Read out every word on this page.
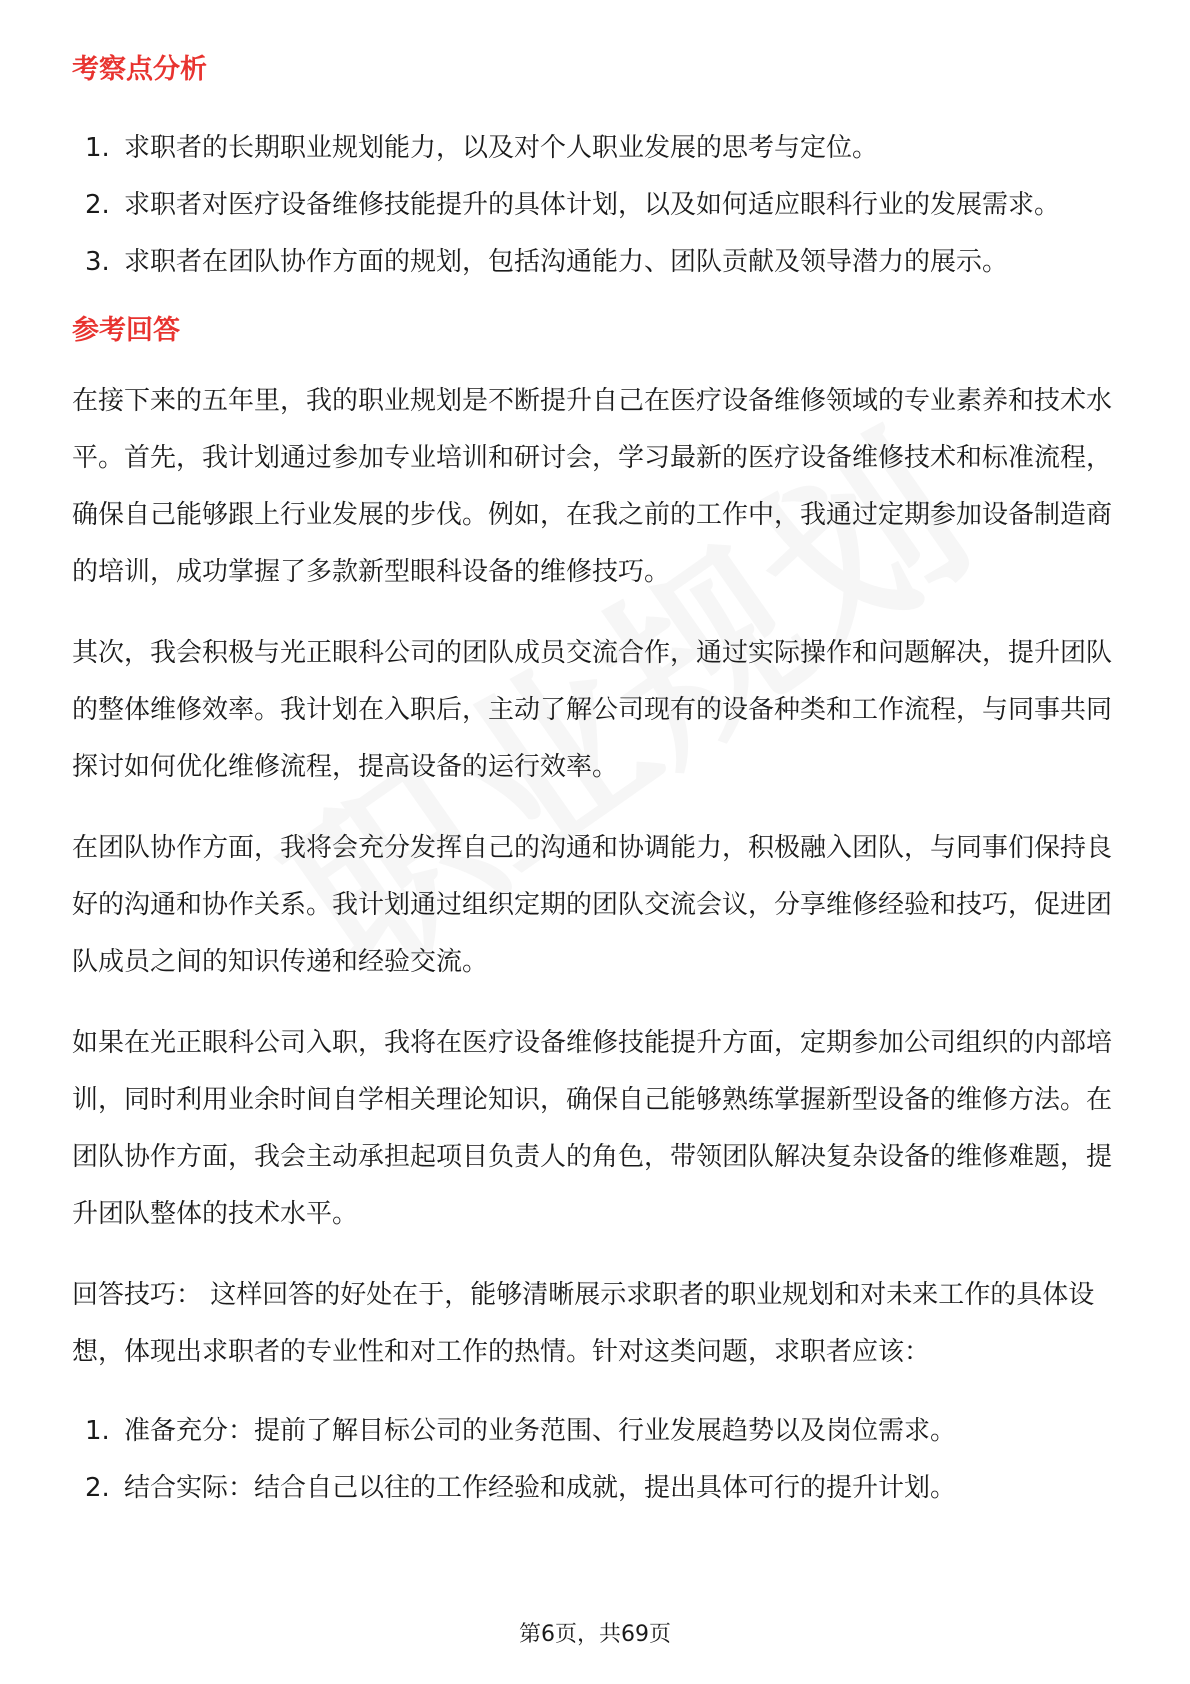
考察点分析
1. 求职者的长期职业规划能力，以及对个人职业发展的思考与定位。
2. 求职者对医疗设备维修技能提升的具体计划，以及如何适应眼科行业的发展需求。
3. 求职者在团队协作方面的规划，包括沟通能力、团队贡献及领导潜力的展示。
参考回答

在接下来的五年里，我的职业规划是不断提升自己在医疗设备维修领域的专业素养和技术水平。首先，我计划通过参加专业培训和研讨会，学习最新的医疗设备维修技术和标准流程，确保自己能够跟上行业发展的步伐。例如，在我之前的工作中，我通过定期参加设备制造商的培训，成功掌握了多款新型眼科设备的维修技巧。

其次，我会积极与光正眼科公司的团队成员交流合作，通过实际操作和问题解决，提升团队的整体维修效率。我计划在入职后，主动了解公司现有的设备种类和工作流程，与同事共同探讨如何优化维修流程，提高设备的运行效率。

在团队协作方面，我将会充分发挥自己的沟通和协调能力，积极融入团队，与同事们保持良好的沟通和协作关系。我计划通过组织定期的团队交流会议，分享维修经验和技巧，促进团队成员之间的知识传递和经验交流。

如果在光正眼科公司入职，我将在医疗设备维修技能提升方面，定期参加公司组织的内部培训，同时利用业余时间自学相关理论知识，确保自己能够熟练掌握新型设备的维修方法。在团队协作方面，我会主动承担起项目负责人的角色，带领团队解决复杂设备的维修难题，提升团队整体的技术水平。

回答技巧： 这样回答的好处在于，能够清晰展示求职者的职业规划和对未来工作的具体设想，体现出求职者的专业性和对工作的热情。针对这类问题，求职者应该：

1. 准备充分：提前了解目标公司的业务范围、行业发展趋势以及岗位需求。
2. 结合实际：结合自己以往的工作经验和成就，提出具体可行的提升计划。
第6页，共69页
